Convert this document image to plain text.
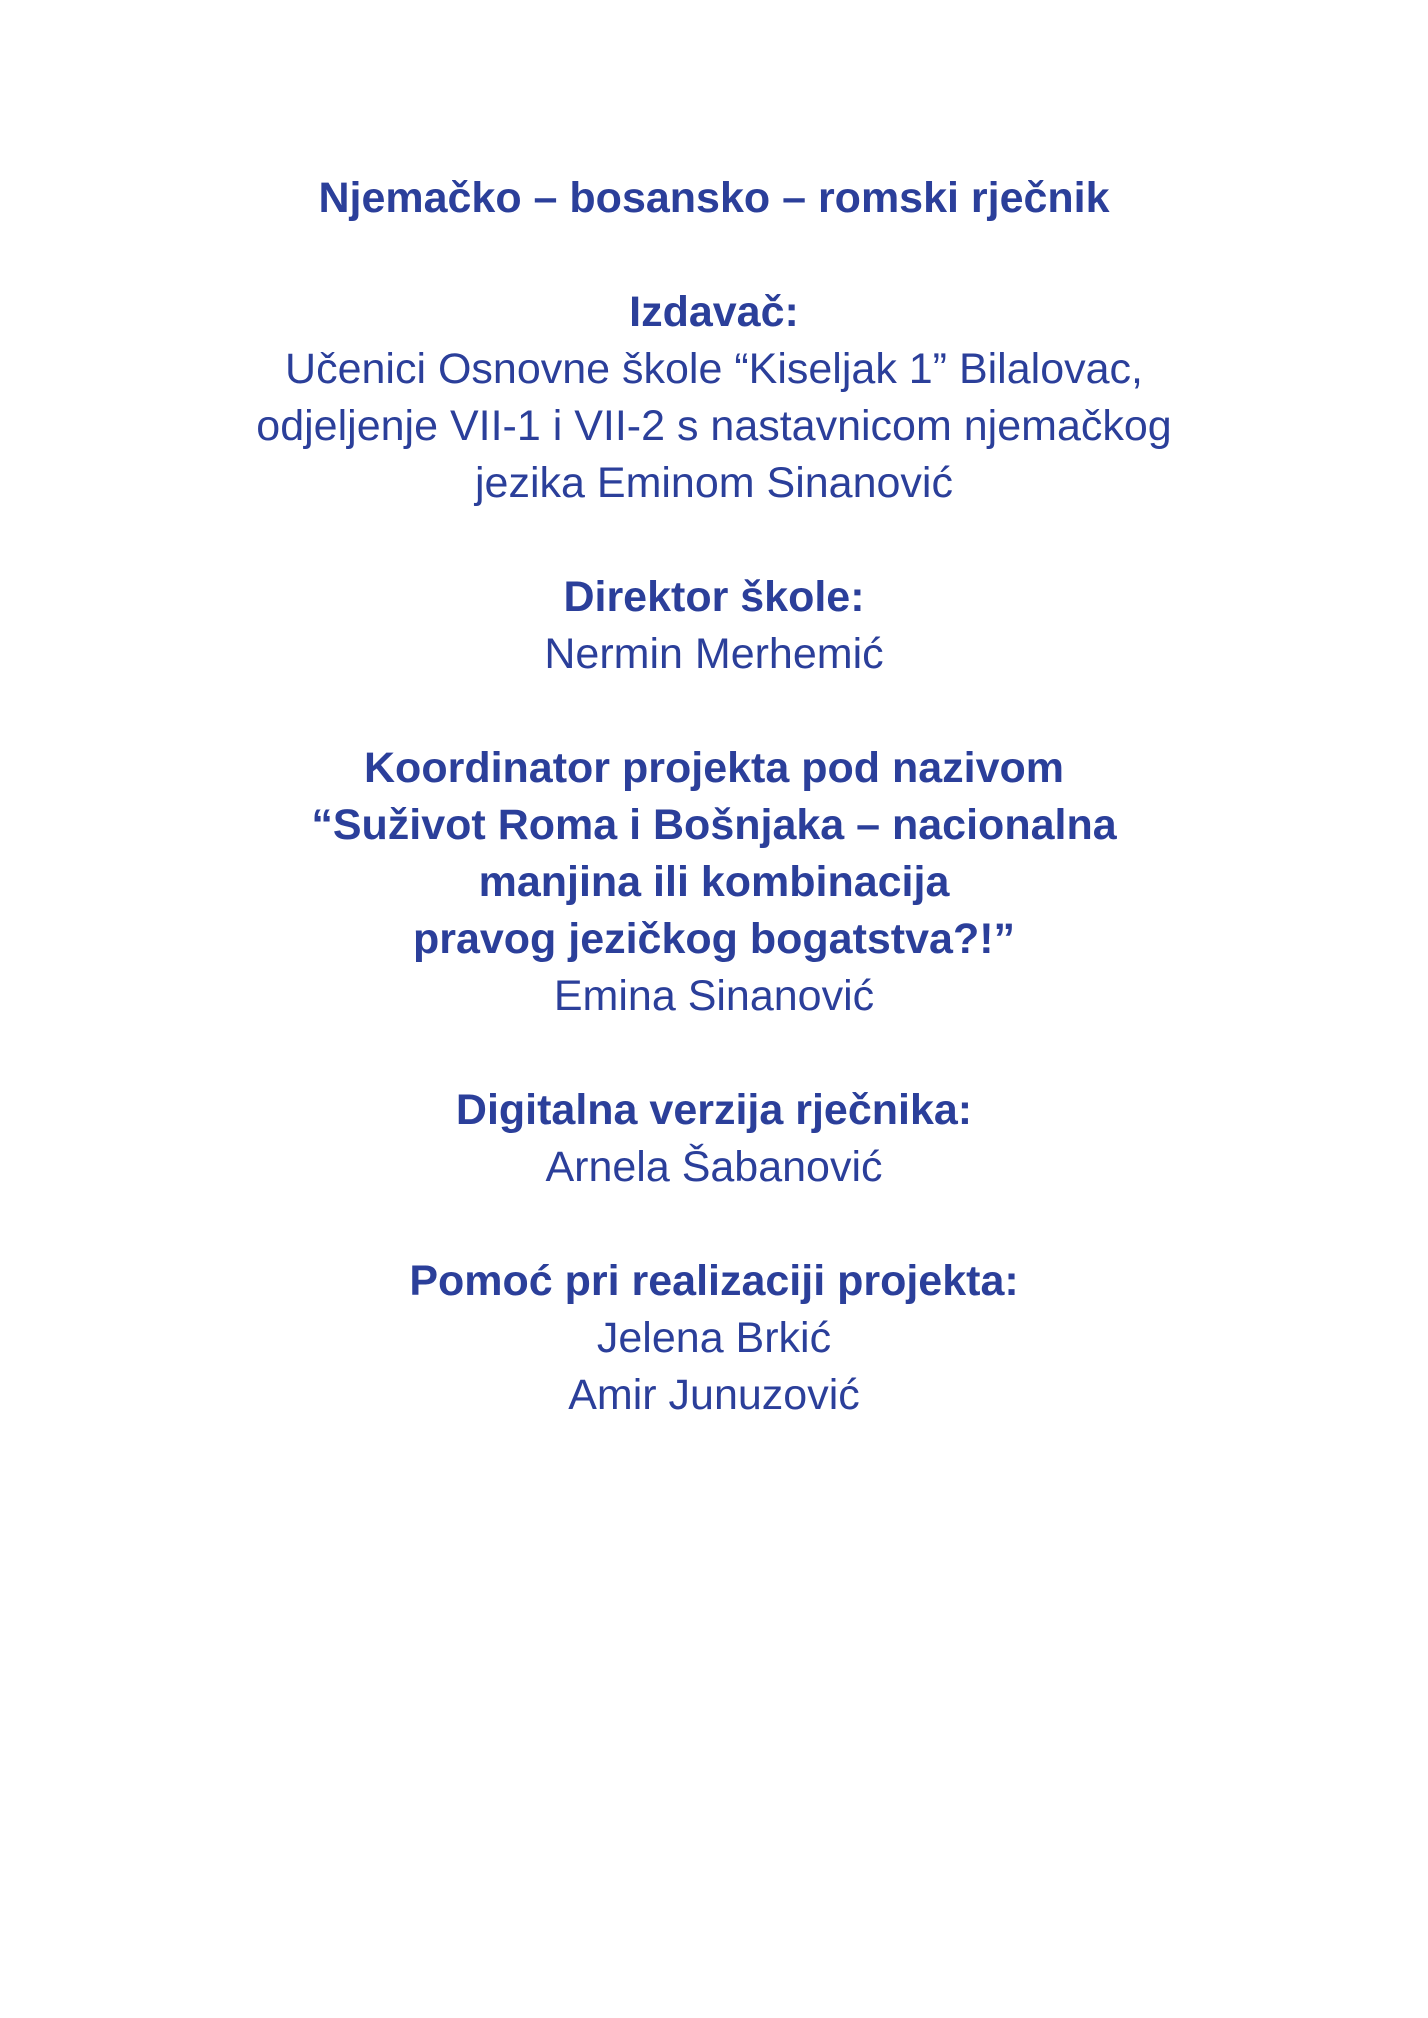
Njemačko – bosansko – romski rječnik
Izdavač:
Učenici Osnovne škole “Kiseljak 1” Bilalovac,
odjeljenje VII-1 i VII-2 s nastavnicom njemačkog
jezika Eminom Sinanović
Direktor škole:
Nermin Merhemić
Koordinator projekta pod nazivom
“Suživot Roma i Bošnjaka – nacionalna
manjina ili kombinacija
pravog jezičkog bogatstva?!”
Emina Sinanović
Digitalna verzija rječnika:
Arnela Šabanović
Pomoć pri realizaciji projekta:
Jelena Brkić
Amir Junuzović
